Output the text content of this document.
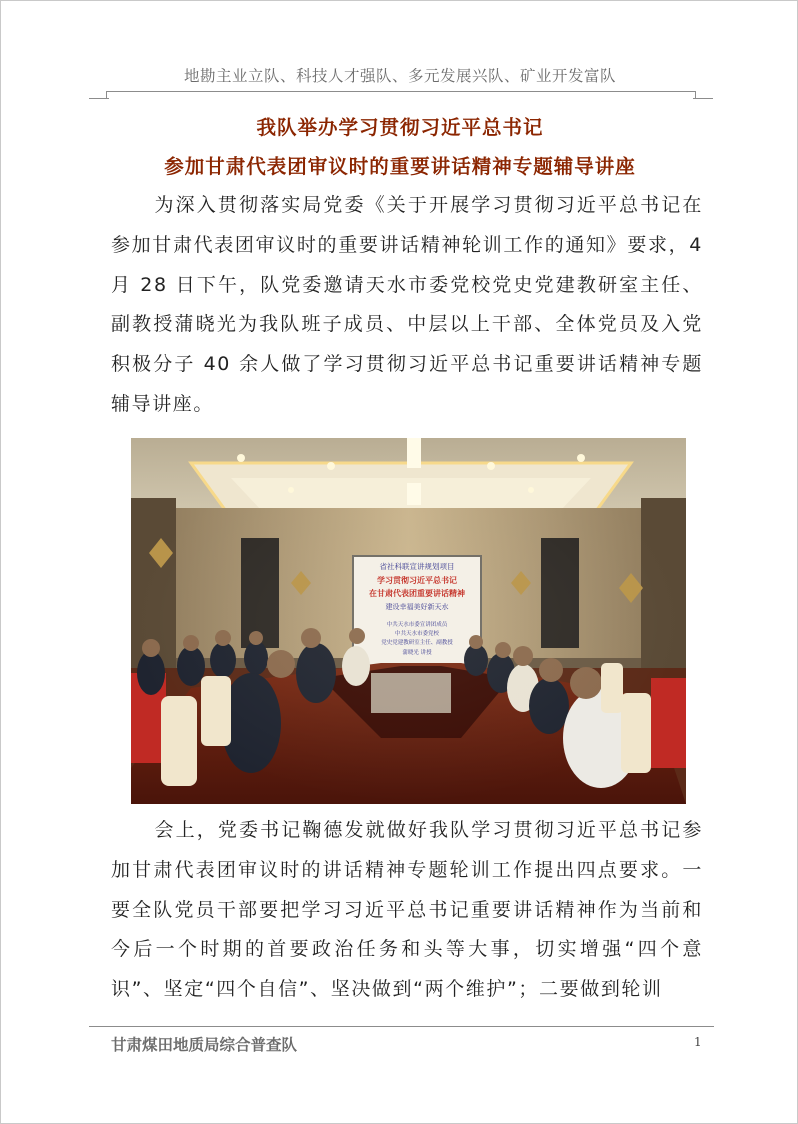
地勘主业立队、科技人才强队、多元发展兴队、矿业开发富队
我队举办学习贯彻习近平总书记
参加甘肃代表团审议时的重要讲话精神专题辅导讲座
为深入贯彻落实局党委《关于开展学习贯彻习近平总书记在参加甘肃代表团审议时的重要讲话精神轮训工作的通知》要求，4 月 28 日下午，队党委邀请天水市委党校党史党建教研室主任、副教授蒲晓光为我队班子成员、中层以上干部、全体党员及入党积极分子 40 余人做了学习贯彻习近平总书记重要讲话精神专题辅导讲座。
省社科联宣讲规划项目
学习贯彻习近平总书记
在甘肃代表团重要讲话精神
建设幸福美好新天水
中共天水市委宣讲团成员
中共天水市委党校
党史党建教研室主任、副教授
蒲晓光 讲授
会上，党委书记鞠德发就做好我队学习贯彻习近平总书记参加甘肃代表团审议时的讲话精神专题轮训工作提出四点要求。一要全队党员干部要把学习习近平总书记重要讲话精神作为当前和今后一个时期的首要政治任务和头等大事，切实增强“四个意识”、坚定“四个自信”、坚决做到“两个维护”；二要做到轮训
甘肃煤田地质局综合普查队	1
